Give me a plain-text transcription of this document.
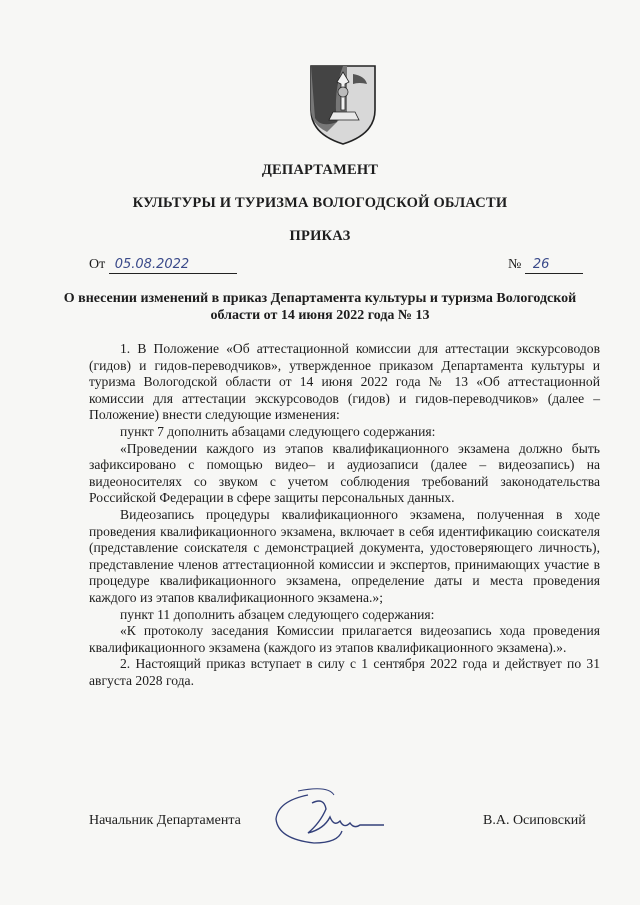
ДЕПАРТАМЕНТ
КУЛЬТУРЫ И ТУРИЗМА ВОЛОГОДСКОЙ ОБЛАСТИ
ПРИКАЗ
От 05.08.2022	№ 26
О внесении изменений в приказ Департамента культуры и туризма Вологодской области от 14 июня 2022 года № 13

1. В Положение «Об аттестационной комиссии для аттестации экскурсоводов (гидов) и гидов-переводчиков», утвержденное приказом Департамента культуры и туризма Вологодской области от 14 июня 2022 года № 13 «Об аттестационной комиссии для аттестации экскурсоводов (гидов) и гидов-переводчиков» (далее – Положение) внести следующие изменения:

пункт 7 дополнить абзацами следующего содержания:

«Проведении каждого из этапов квалификационного экзамена должно быть зафиксировано с помощью видео– и аудиозаписи (далее – видеозапись) на видеоносителях со звуком с учетом соблюдения требований законодательства Российской Федерации в сфере защиты персональных данных.

Видеозапись процедуры квалификационного экзамена, полученная в ходе проведения квалификационного экзамена, включает в себя идентификацию соискателя (представление соискателя с демонстрацией документа, удостоверяющего личность), представление членов аттестационной комиссии и экспертов, принимающих участие в процедуре квалификационного экзамена, определение даты и места проведения каждого из этапов квалификационного экзамена.»;

пункт 11 дополнить абзацем следующего содержания:

«К протоколу заседания Комиссии прилагается видеозапись хода проведения квалификационного экзамена (каждого из этапов квалификационного экзамена).».

2. Настоящий приказ вступает в силу с 1 сентября 2022 года и действует по 31 августа 2028 года.

Начальник Департамента	В.А. Осиповский
